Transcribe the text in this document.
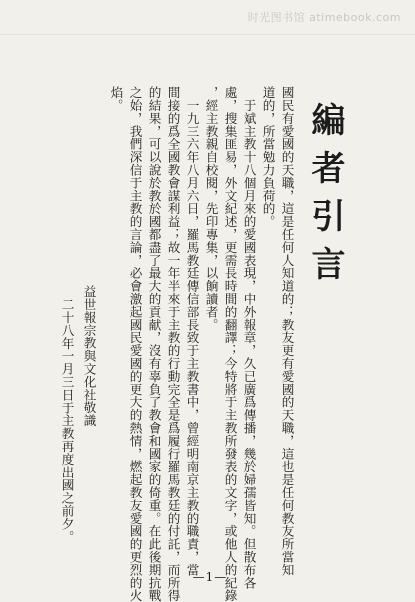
时光图书馆 atimebook.com
編者引言
國民有愛國的天職，這是任何人知道的；教友更有愛國的天職，這也是任何教友所當知
道的，所當勉力負荷的。
　于斌主教十八個月來的愛國表現，中外報章，久已廣爲傳播，幾於婦孺皆知。但散布各
處，搜集匪易，外文紀述，更需長時間的翻譯；今特將于主教所發表的文字，或他人的紀錄
，經主教親自校閱，先印專集，以餉讀者。
　一九三六年八月六日，羅馬教廷傳信部長致于主教書中，曾經明南京主教的職責，當
間接的爲全國教會謀利益；故一年半來于主教的行動完全是爲履行羅馬教廷的付託，而所得
的結果，可以說於教於國都盡了最大的貢献，沒有辜負了教會和國家的倚重。在此後期抗戰
之始，我們深信于主教的言論，必會激起國民愛國的更大的熱情，燃起教友愛國的更烈的火
焰。
益世報宗教與文化社敬識
二十八年一月三日于主教再度出國之前夕。
—1—
